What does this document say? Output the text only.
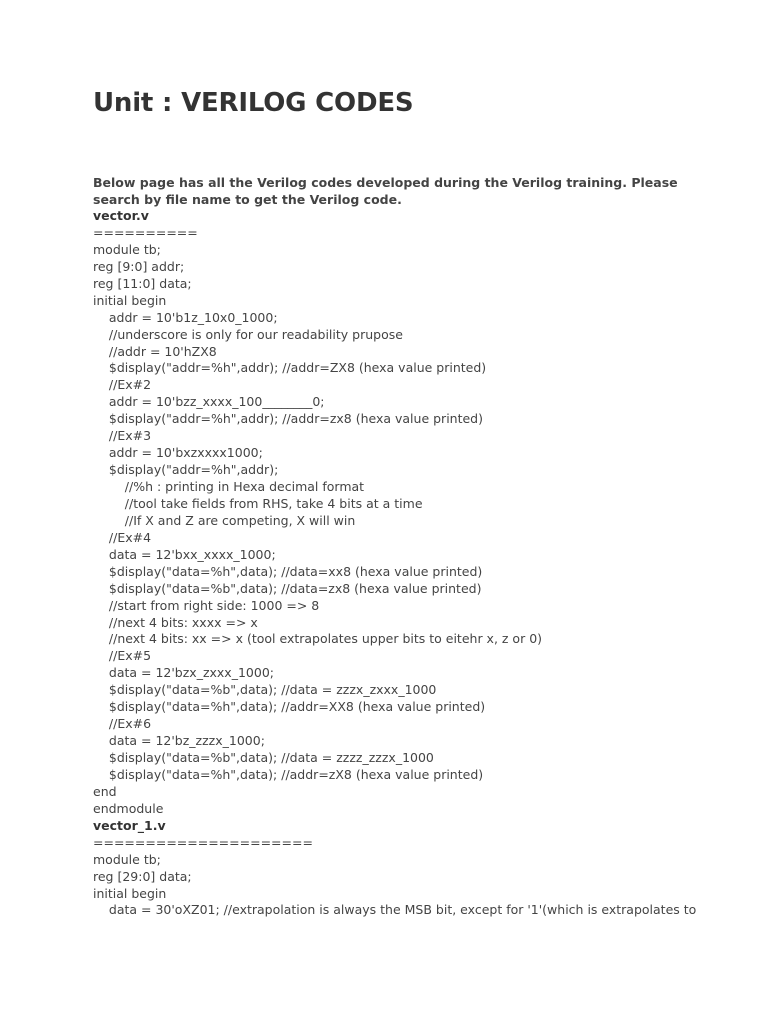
Unit : VERILOG CODES

Below page has all the Verilog codes developed during the Verilog training. Please search by file name to get the Verilog code.

vector.v
==========
module tb;
reg [9:0] addr;
reg [11:0] data;
initial begin
addr = 10'b1z_10x0_1000;
//underscore is only for our readability prupose
//addr = 10'hZX8
$display("addr=%h",addr); //addr=ZX8 (hexa value printed)
//Ex#2
addr = 10'bzz_xxxx_100________0;
$display("addr=%h",addr); //addr=zx8 (hexa value printed)
//Ex#3
addr = 10'bxzxxxx1000;
$display("addr=%h",addr);
//%h : printing in Hexa decimal format
//tool take fields from RHS, take 4 bits at a time
//If X and Z are competing, X will win
//Ex#4
data = 12'bxx_xxxx_1000;
$display("data=%h",data); //data=xx8 (hexa value printed)
$display("data=%b",data); //data=zx8 (hexa value printed)
//start from right side: 1000 => 8
//next 4 bits: xxxx => x
//next 4 bits: xx => x (tool extrapolates upper bits to eitehr x, z or 0)
//Ex#5
data = 12'bzx_zxxx_1000;
$display("data=%b",data); //data = zzzx_zxxx_1000
$display("data=%h",data); //addr=XX8 (hexa value printed)
//Ex#6
data = 12'bz_zzzx_1000;
$display("data=%b",data); //data = zzzz_zzzx_1000
$display("data=%h",data); //addr=zX8 (hexa value printed)
end
endmodule
vector_1.v
=====================
module tb;
reg [29:0] data;
initial begin
data = 30'oXZ01; //extrapolation is always the MSB bit, except for '1'(which is extrapolates to
